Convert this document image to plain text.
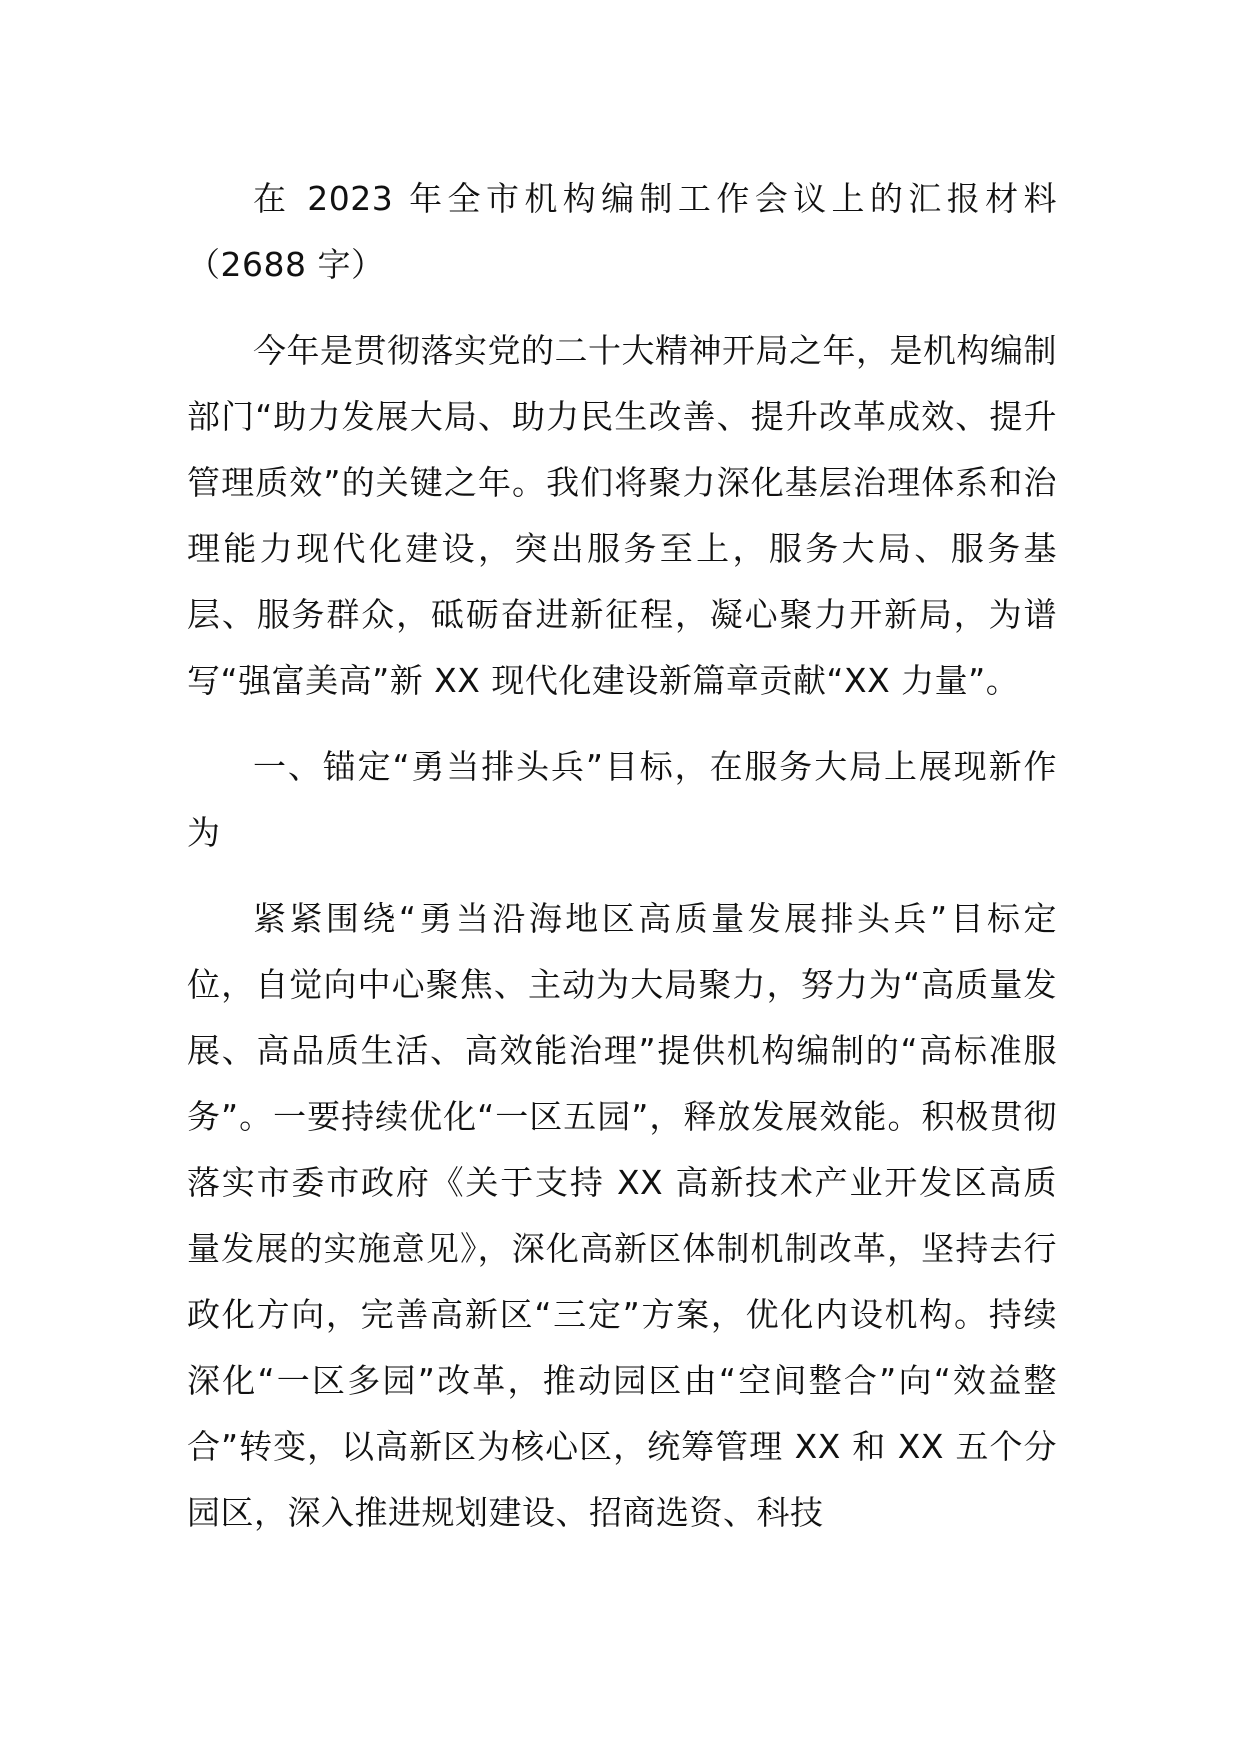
在 2023 年全市机构编制工作会议上的汇报材料（2688 字）

今年是贯彻落实党的二十大精神开局之年，是机构编制部门“助力发展大局、助力民生改善、提升改革成效、提升管理质效”的关键之年。我们将聚力深化基层治理体系和治理能力现代化建设，突出服务至上，服务大局、服务基层、服务群众，砥砺奋进新征程，凝心聚力开新局，为谱写“强富美高”新 XX 现代化建设新篇章贡献“XX 力量”。

一、锚定“勇当排头兵”目标，在服务大局上展现新作为

紧紧围绕“勇当沿海地区高质量发展排头兵”目标定位，自觉向中心聚焦、主动为大局聚力，努力为“高质量发展、高品质生活、高效能治理”提供机构编制的“高标准服务”。一要持续优化“一区五园”，释放发展效能。积极贯彻落实市委市政府《关于支持 XX 高新技术产业开发区高质量发展的实施意见》，深化高新区体制机制改革，坚持去行政化方向，完善高新区“三定”方案，优化内设机构。持续深化“一区多园”改革，推动园区由“空间整合”向“效益整合”转变，以高新区为核心区，统筹管理 XX 和 XX 五个分园区，深入推进规划建设、招商选资、科技
